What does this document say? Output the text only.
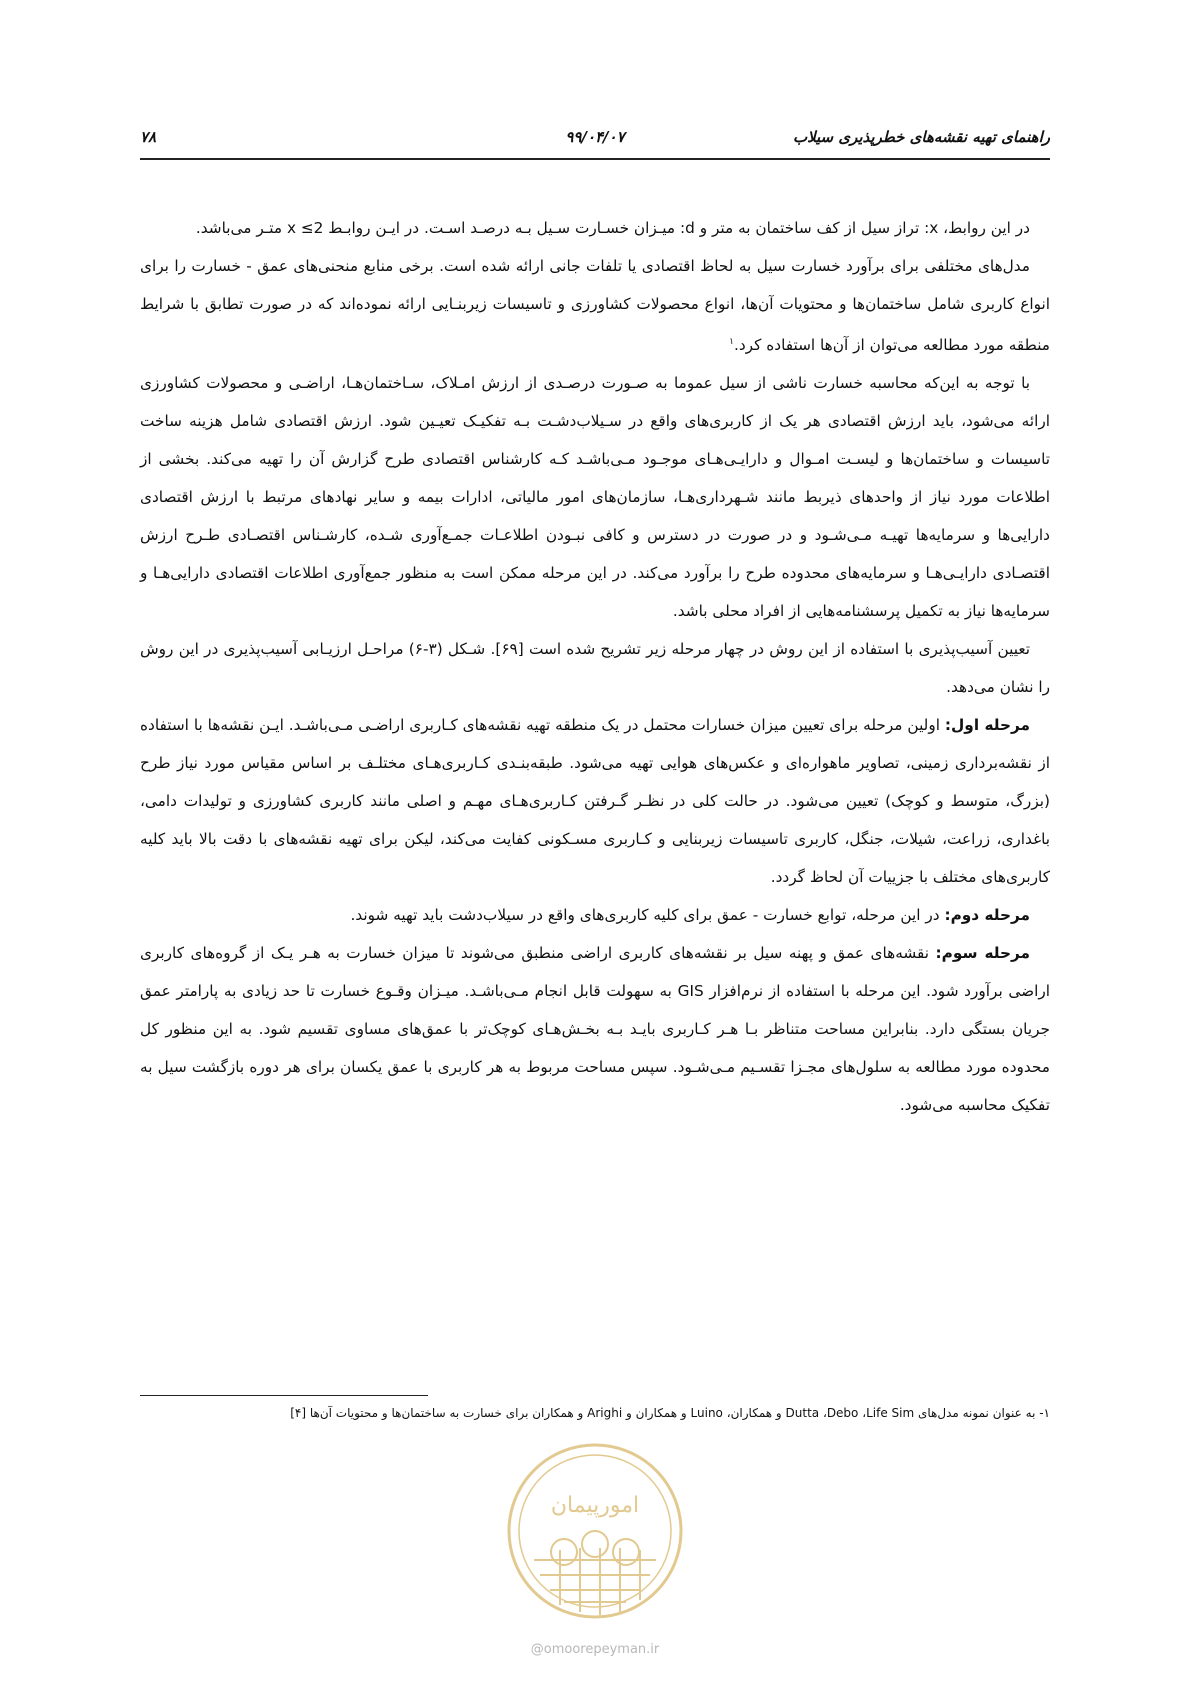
راهنمای تهیه نقشه‌های خطرپذیری سیلاب
۹۹/۰۴/۰۷
۷۸

در این روابط، x: تراز سیل از کف ساختمان به متر و d: میـزان خسـارت سـیل بـه درصـد اسـت. در ایـن روابـط x ≤2 متـر می‌باشد.

مدل‌های مختلفی برای برآورد خسارت سیل به لحاظ اقتصادی یا تلفات جانی ارائه شده است. برخی منابع منحنی‌های عمق - خسارت را برای انواع کاربری شامل ساختمان‌ها و محتویات آن‌ها، انواع محصولات کشاورزی و تاسیسات زیربنـایی ارائه نموده‌اند که در صورت تطابق با شرایط منطقه مورد مطالعه می‌توان از آن‌ها استفاده کرد.$^۱$

با توجه به این‌که محاسبه خسارت ناشی از سیل عموما به صـورت درصـدی از ارزش امـلاک، سـاختمان‌هـا، اراضـی و محصولات کشاورزی ارائه می‌شود، باید ارزش اقتصادی هر یک از کاربری‌های واقع در سـیلاب‌دشـت بـه تفکیـک تعیـین شود. ارزش اقتصادی شامل هزینه ساخت تاسیسات و ساختمان‌ها و لیسـت امـوال و دارایـی‌هـای موجـود مـی‌باشـد کـه کارشناس اقتصادی طرح گزارش آن را تهیه می‌کند. بخشی از اطلاعات مورد نیاز از واحدهای ذیربط مانند شـهرداری‌هـا، سازمان‌های امور مالیاتی، ادارات بیمه و سایر نهادهای مرتبط با ارزش اقتصادی دارایی‌ها و سرمایه‌ها تهیـه مـی‌شـود و در صورت در دسترس و کافی نبـودن اطلاعـات جمـع‌آوری شـده، کارشـناس اقتصـادی طـرح ارزش اقتصـادی دارایـی‌هـا و سرمایه‌های محدوده طرح را برآورد می‌کند. در این مرحله ممکن است به منظور جمع‌آوری اطلاعات اقتصادی دارایی‌هـا و سرمایه‌ها نیاز به تکمیل پرسشنامه‌هایی از افراد محلی باشد.

تعیین آسیب‌پذیری با استفاده از این روش در چهار مرحله زیر تشریح شده است [۶۹]. شـکل (۳-۶) مراحـل ارزیـابی آسیب‌پذیری در این روش را نشان می‌دهد.

مرحله اول: اولین مرحله برای تعیین میزان خسارات محتمل در یک منطقه تهیه نقشه‌های کـاربری اراضـی مـی‌باشـد. ایـن نقشه‌ها با استفاده از نقشه‌برداری زمینی، تصاویر ماهواره‌ای و عکس‌های هوایی تهیه می‌شود. طبقه‌بنـدی کـاربری‌هـای مختلـف بر اساس مقیاس مورد نیاز طرح (بزرگ، متوسط و کوچک) تعیین می‌شود. در حالت کلی در نظـر گـرفتن کـاربری‌هـای مهـم و اصلی مانند کاربری کشاورزی و تولیدات دامی، باغداری، زراعت، شیلات، جنگل، کاربری تاسیسات زیربنایی و کـاربری مسـکونی کفایت می‌کند، لیکن برای تهیه نقشه‌های با دقت بالا باید کلیه کاربری‌های مختلف با جزییات آن لحاظ گردد.

مرحله دوم: در این مرحله، توابع خسارت - عمق برای کلیه کاربری‌های واقع در سیلاب‌دشت باید تهیه شوند.

مرحله سوم: نقشه‌های عمق و پهنه سیل بر نقشه‌های کاربری اراضی منطبق می‌شوند تا میزان خسارت به هـر یـک از گروه‌های کاربری اراضی برآورد شود. این مرحله با استفاده از نرم‌افزار GIS به سهولت قابل انجام مـی‌باشـد. میـزان وقـوع خسارت تا حد زیادی به پارامتر عمق جریان بستگی دارد. بنابراین مساحت متناظر بـا هـر کـاربری بایـد بـه بخـش‌هـای کوچک‌تر با عمق‌های مساوی تقسیم شود. به این منظور کل محدوده مورد مطالعه به سلول‌های مجـزا تقسـیم مـی‌شـود. سپس مساحت مربوط به هر کاربری با عمق یکسان برای هر دوره بازگشت سیل به تفکیک محاسبه می‌شود.

۱- به عنوان نمونه مدل‌های Dutta ،Debo ،Life Sim و همکاران، Luino و همکاران و Arighi و همکاران برای خسارت به ساختمان‌ها و محتویات آن‌ها [۴]
امورپیمان
@omoorepeyman.ir
